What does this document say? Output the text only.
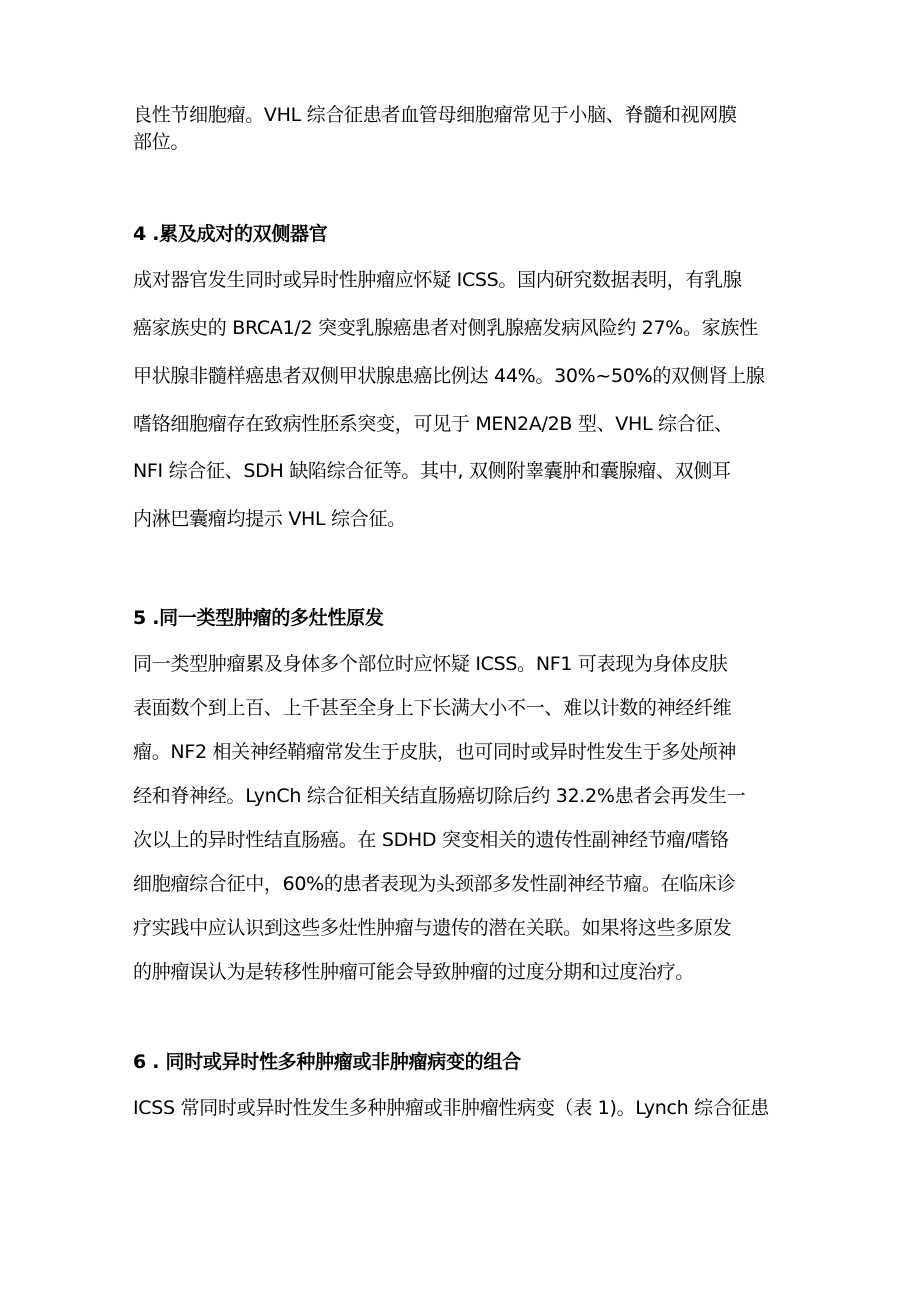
良性节细胞瘤。VHL 综合征患者血管母细胞瘤常见于小脑、脊髓和视网膜
部位。
4 .累及成对的双侧器官
成对器官发生同时或异时性肿瘤应怀疑 ICSS。国内研究数据表明，有乳腺
癌家族史的 BRCA1/2 突变乳腺癌患者对侧乳腺癌发病风险约 27%。家族性
甲状腺非髓样癌患者双侧甲状腺患癌比例达 44%。30%~50%的双侧肾上腺
嗜铬细胞瘤存在致病性胚系突变，可见于 MEN2A/2B 型、VHL 综合征、
NFI 综合征、SDH 缺陷综合征等。其中, 双侧附睾囊肿和囊腺瘤、双侧耳
内淋巴囊瘤均提示 VHL 综合征。
5 .同一类型肿瘤的多灶性原发
同一类型肿瘤累及身体多个部位时应怀疑 ICSS。NF1 可表现为身体皮肤
表面数个到上百、上千甚至全身上下长满大小不一、难以计数的神经纤维
瘤。NF2 相关神经鞘瘤常发生于皮肤，也可同时或异时性发生于多处颅神
经和脊神经。LynCh 综合征相关结直肠癌切除后约 32.2%患者会再发生一
次以上的异时性结直肠癌。在 SDHD 突变相关的遗传性副神经节瘤/嗜铬
细胞瘤综合征中，60%的患者表现为头颈部多发性副神经节瘤。在临床诊
疗实践中应认识到这些多灶性肿瘤与遗传的潜在关联。如果将这些多原发
的肿瘤误认为是转移性肿瘤可能会导致肿瘤的过度分期和过度治疗。
6 . 同时或异时性多种肿瘤或非肿瘤病变的组合
ICSS 常同时或异时性发生多种肿瘤或非肿瘤性病变（表 1)。Lynch 综合征患
